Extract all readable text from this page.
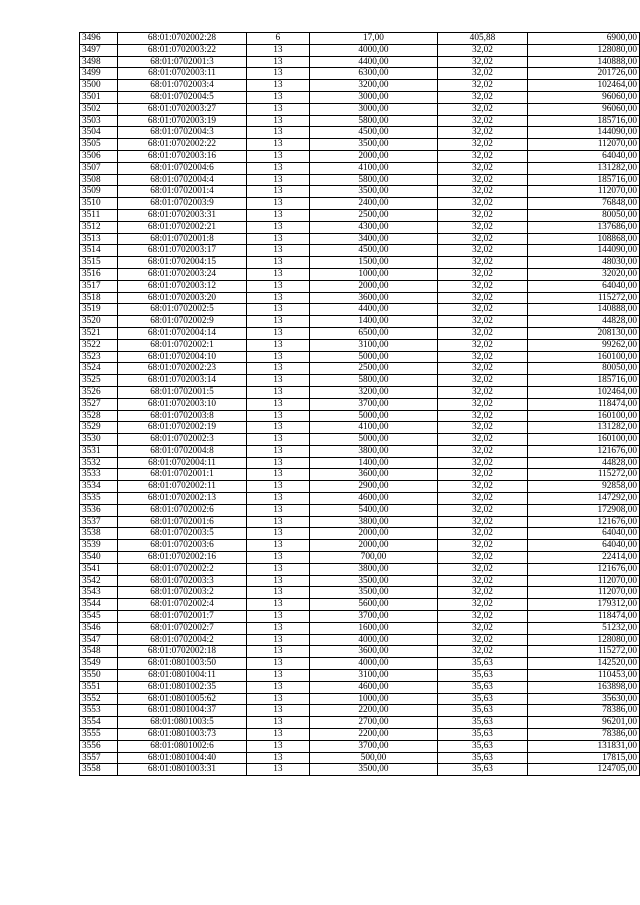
3496	68:01:0702002:28	6	17,00	405,88	6900,00
3497	68:01:0702003:22	13	4000,00	32,02	128080,00
3498	68:01:0702001:3	13	4400,00	32,02	140888,00
3499	68:01:0702003:11	13	6300,00	32,02	201726,00
3500	68:01:0702003:4	13	3200,00	32,02	102464,00
3501	68:01:0702004:5	13	3000,00	32,02	96060,00
3502	68:01:0702003:27	13	3000,00	32,02	96060,00
3503	68:01:0702003:19	13	5800,00	32,02	185716,00
3504	68:01:0702004:3	13	4500,00	32,02	144090,00
3505	68:01:0702002:22	13	3500,00	32,02	112070,00
3506	68:01:0702003:16	13	2000,00	32,02	64040,00
3507	68:01:0702004:6	13	4100,00	32,02	131282,00
3508	68:01:0702004:4	13	5800,00	32,02	185716,00
3509	68:01:0702001:4	13	3500,00	32,02	112070,00
3510	68:01:0702003:9	13	2400,00	32,02	76848,00
3511	68:01:0702003:31	13	2500,00	32,02	80050,00
3512	68:01:0702002:21	13	4300,00	32,02	137686,00
3513	68:01:0702001:8	13	3400,00	32,02	108868,00
3514	68:01:0702003:17	13	4500,00	32,02	144090,00
3515	68:01:0702004:15	13	1500,00	32,02	48030,00
3516	68:01:0702003:24	13	1000,00	32,02	32020,00
3517	68:01:0702003:12	13	2000,00	32,02	64040,00
3518	68:01:0702003:20	13	3600,00	32,02	115272,00
3519	68:01:0702002:5	13	4400,00	32,02	140888,00
3520	68:01:0702002:9	13	1400,00	32,02	44828,00
3521	68:01:0702004:14	13	6500,00	32,02	208130,00
3522	68:01:0702002:1	13	3100,00	32,02	99262,00
3523	68:01:0702004:10	13	5000,00	32,02	160100,00
3524	68:01:0702002:23	13	2500,00	32,02	80050,00
3525	68:01:0702003:14	13	5800,00	32,02	185716,00
3526	68:01:0702001:5	13	3200,00	32,02	102464,00
3527	68:01:0702003:10	13	3700,00	32,02	118474,00
3528	68:01:0702003:8	13	5000,00	32,02	160100,00
3529	68:01:0702002:19	13	4100,00	32,02	131282,00
3530	68:01:0702002:3	13	5000,00	32,02	160100,00
3531	68:01:0702004:8	13	3800,00	32,02	121676,00
3532	68:01:0702004:11	13	1400,00	32,02	44828,00
3533	68:01:0702001:1	13	3600,00	32,02	115272,00
3534	68:01:0702002:11	13	2900,00	32,02	92858,00
3535	68:01:0702002:13	13	4600,00	32,02	147292,00
3536	68:01:0702002:6	13	5400,00	32,02	172908,00
3537	68:01:0702001:6	13	3800,00	32,02	121676,00
3538	68:01:0702003:5	13	2000,00	32,02	64040,00
3539	68:01:0702003:6	13	2000,00	32,02	64040,00
3540	68:01:0702002:16	13	700,00	32,02	22414,00
3541	68:01:0702002:2	13	3800,00	32,02	121676,00
3542	68:01:0702003:3	13	3500,00	32,02	112070,00
3543	68:01:0702003:2	13	3500,00	32,02	112070,00
3544	68:01:0702002:4	13	5600,00	32,02	179312,00
3545	68:01:0702001:7	13	3700,00	32,02	118474,00
3546	68:01:0702002:7	13	1600,00	32,02	51232,00
3547	68:01:0702004:2	13	4000,00	32,02	128080,00
3548	68:01:0702002:18	13	3600,00	32,02	115272,00
3549	68:01:0801003:50	13	4000,00	35,63	142520,00
3550	68:01:0801004:11	13	3100,00	35,63	110453,00
3551	68:01:0801002:35	13	4600,00	35,63	163898,00
3552	68:01:0801005:62	13	1000,00	35,63	35630,00
3553	68:01:0801004:37	13	2200,00	35,63	78386,00
3554	68:01:0801003:5	13	2700,00	35,63	96201,00
3555	68:01:0801003:73	13	2200,00	35,63	78386,00
3556	68:01:0801002:6	13	3700,00	35,63	131831,00
3557	68:01:0801004:40	13	500,00	35,63	17815,00
3558	68:01:0801003:31	13	3500,00	35,63	124705,00
